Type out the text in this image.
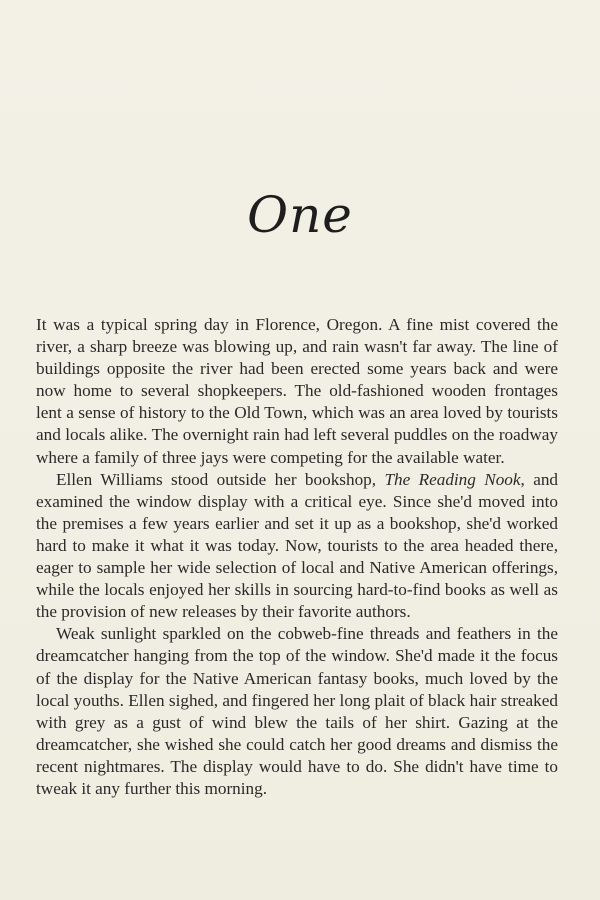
One

It was a typical spring day in Florence, Oregon. A fine mist covered the river, a sharp breeze was blowing up, and rain wasn't far away. The line of buildings opposite the river had been erected some years back and were now home to several shopkeepers. The old-fashioned wooden frontages lent a sense of history to the Old Town, which was an area loved by tourists and locals alike. The overnight rain had left several puddles on the roadway where a family of three jays were competing for the available water.

Ellen Williams stood outside her bookshop, The Reading Nook, and examined the window display with a critical eye. Since she'd moved into the premises a few years earlier and set it up as a bookshop, she'd worked hard to make it what it was today. Now, tourists to the area headed there, eager to sample her wide selection of local and Native American offerings, while the locals enjoyed her skills in sourcing hard-to-find books as well as the provision of new releases by their favorite authors.

Weak sunlight sparkled on the cobweb-fine threads and feathers in the dreamcatcher hanging from the top of the window. She'd made it the focus of the display for the Native American fantasy books, much loved by the local youths. Ellen sighed, and fingered her long plait of black hair streaked with grey as a gust of wind blew the tails of her shirt. Gazing at the dreamcatcher, she wished she could catch her good dreams and dismiss the recent nightmares. The display would have to do. She didn't have time to tweak it any further this morning.
